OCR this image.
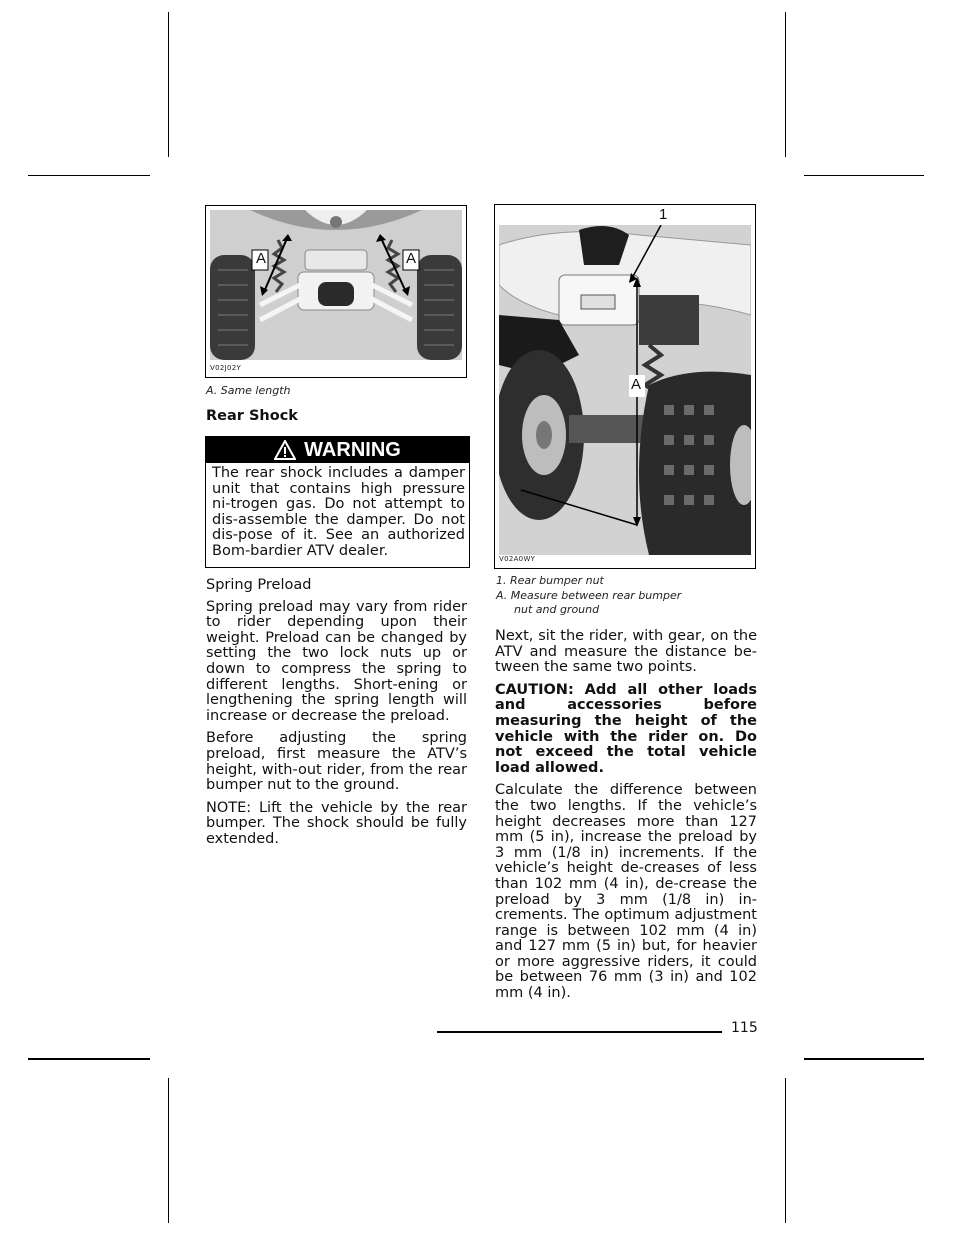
A	A
V02J02Y
A. Same length
Rear Shock
WARNING
The rear shock includes a damper unit that contains high pressure ni-trogen gas. Do not attempt to dis-assemble the damper. Do not dis-pose of it. See an authorized Bom-bardier ATV dealer.
Spring Preload

Spring preload may vary from rider to rider depending upon their weight. Preload can be changed by setting the two lock nuts up or down to compress the spring to different lengths. Short-ening or lengthening the spring length will increase or decrease the preload.

Before adjusting the spring preload, first measure the ATV’s height, with-out rider, from the rear bumper nut to the ground.

NOTE: Lift the vehicle by the rear bumper. The shock should be fully extended.

1
A
V02A0WY
1. Rear bumper nut
A. Measure between rear bumper
nut and ground

Next, sit the rider, with gear, on the ATV and measure the distance be-tween the same two points.

CAUTION: Add all other loads and accessories before measuring the height of the vehicle with the rider on. Do not exceed the total vehicle load allowed.

Calculate the difference between the two lengths. If the vehicle’s height decreases more than 127 mm (5 in), increase the preload by 3 mm (1/8 in) increments. If the vehicle’s height de-creases of less than 102 mm (4 in), de-crease the preload by 3 mm (1/8 in) in-crements. The optimum adjustment range is between 102 mm (4 in) and 127 mm (5 in) but, for heavier or more aggressive riders, it could be between 76 mm (3 in) and 102 mm (4 in).

115
